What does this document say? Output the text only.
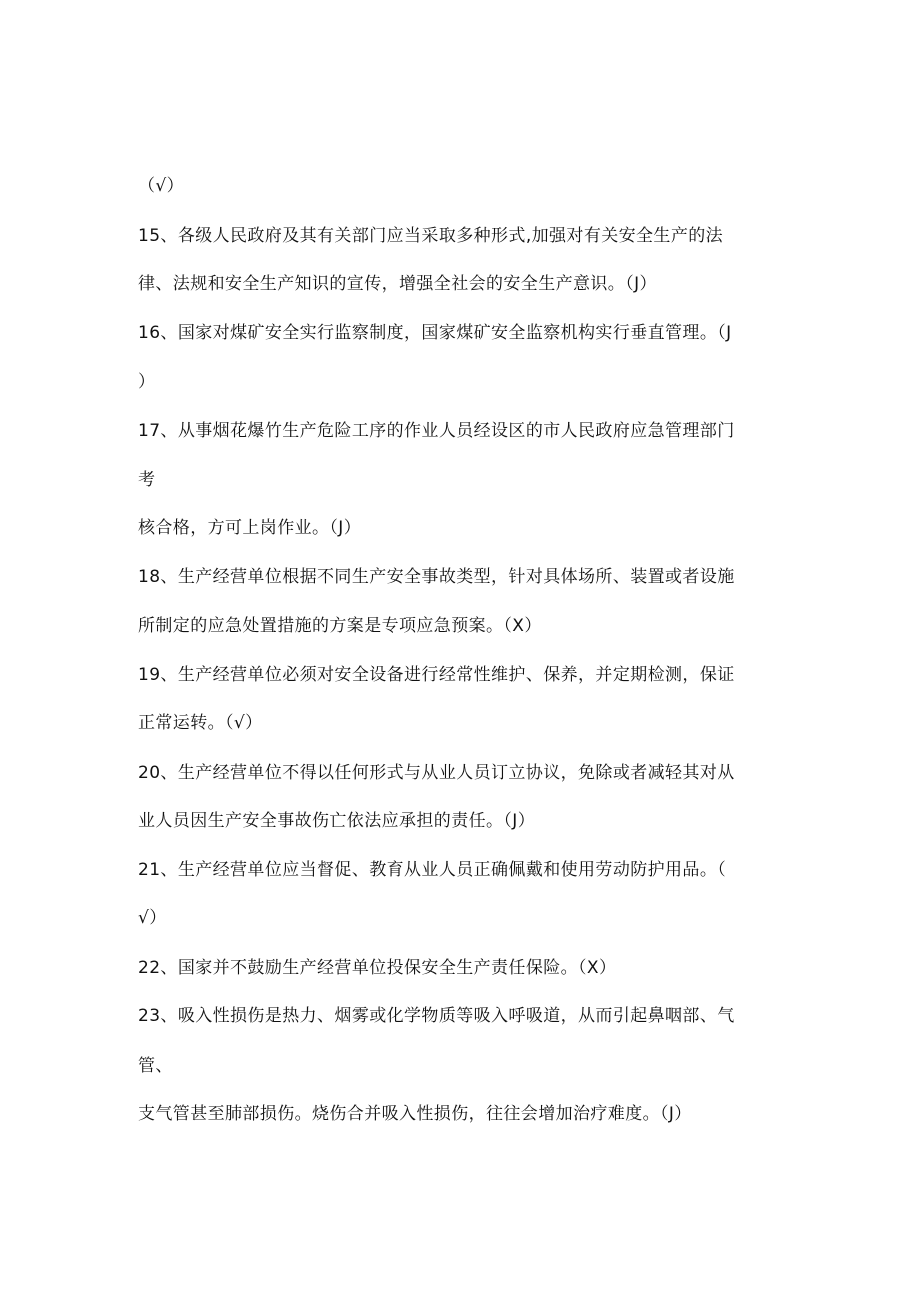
（√）
15、各级人民政府及其有关部门应当采取多种形式,加强对有关安全生产的法
律、法规和安全生产知识的宣传，增强全社会的安全生产意识。（J）
16、国家对煤矿安全实行监察制度，国家煤矿安全监察机构实行垂直管理。（J
）
17、从事烟花爆竹生产危险工序的作业人员经设区的市人民政府应急管理部门
考
核合格，方可上岗作业。（J）
18、生产经营单位根据不同生产安全事故类型，针对具体场所、装置或者设施
所制定的应急处置措施的方案是专项应急预案。（X）
19、生产经营单位必须对安全设备进行经常性维护、保养，并定期检测，保证
正常运转。（√）
20、生产经营单位不得以任何形式与从业人员订立协议，免除或者减轻其对从
业人员因生产安全事故伤亡依法应承担的责任。（J）
21、生产经营单位应当督促、教育从业人员正确佩戴和使用劳动防护用品。（
√）
22、国家并不鼓励生产经营单位投保安全生产责任保险。（X）
23、吸入性损伤是热力、烟雾或化学物质等吸入呼吸道，从而引起鼻咽部、气
管、
支气管甚至肺部损伤。烧伤合并吸入性损伤，往往会增加治疗难度。（J）
